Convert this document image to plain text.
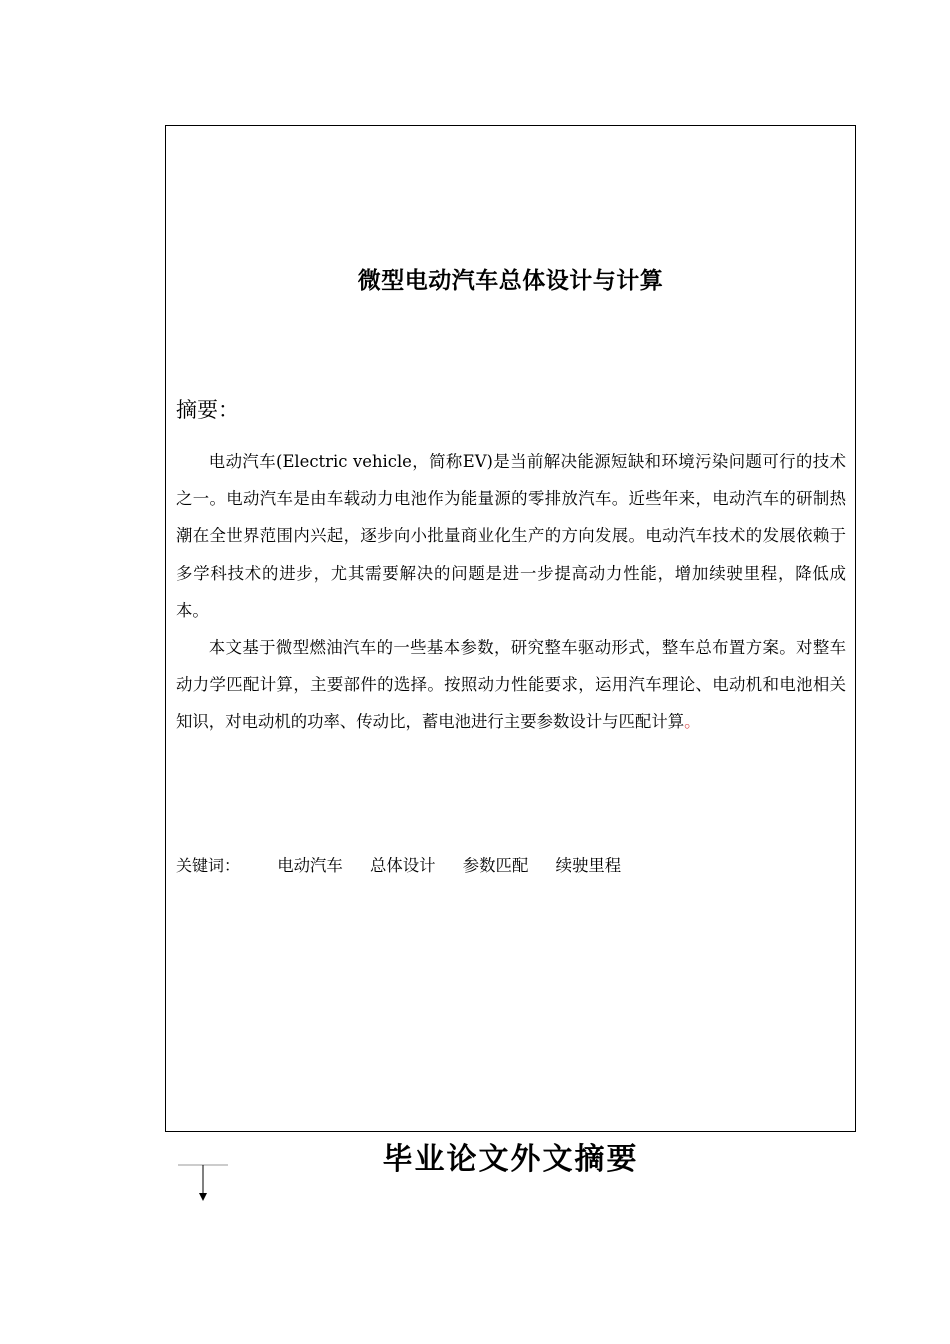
微型电动汽车总体设计与计算
摘要：

电动汽车(Electric vehicle，简称EV)是当前解决能源短缺和环境污染问题可行的技术之一。电动汽车是由车载动力电池作为能量源的零排放汽车。近些年来，电动汽车的研制热潮在全世界范围内兴起，逐步向小批量商业化生产的方向发展。电动汽车技术的发展依赖于多学科技术的进步，尤其需要解决的问题是进一步提高动力性能，增加续驶里程，降低成本。

本文基于微型燃油汽车的一些基本参数，研究整车驱动形式，整车总布置方案。对整车动力学匹配计算，主要部件的选择。按照动力性能要求，运用汽车理论、电动机和电池相关知识，对电动机的功率、传动比，蓄电池进行主要参数设计与匹配计算。

关键词： 电动汽车 总体设计 参数匹配 续驶里程
毕业论文外文摘要
